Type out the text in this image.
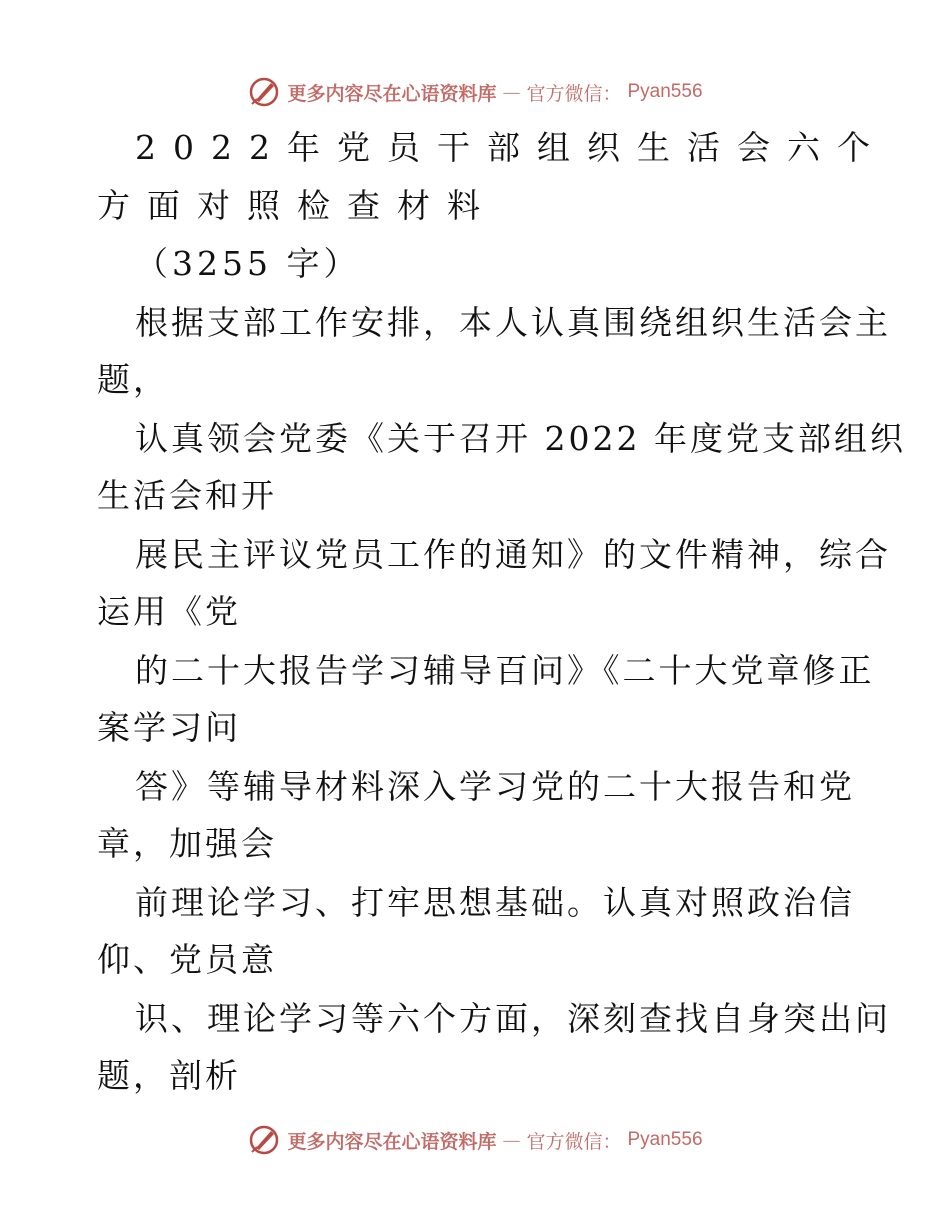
更多内容尽在心语资料库 — 官方微信： Pyan556
2022年党员干部组织生活会六个
方面对照检查材料
（3255 字）
根据支部工作安排，本人认真围绕组织生活会主
题，
认真领会党委《关于召开 2022 年度党支部组织
生活会和开
展民主评议党员工作的通知》的文件精神，综合
运用《党
的二十大报告学习辅导百问》《二十大党章修正
案学习问
答》等辅导材料深入学习党的二十大报告和党
章，加强会
前理论学习、打牢思想基础。认真对照政治信
仰、党员意
识、理论学习等六个方面，深刻查找自身突出问
题，剖析
更多内容尽在心语资料库 — 官方微信： Pyan556
